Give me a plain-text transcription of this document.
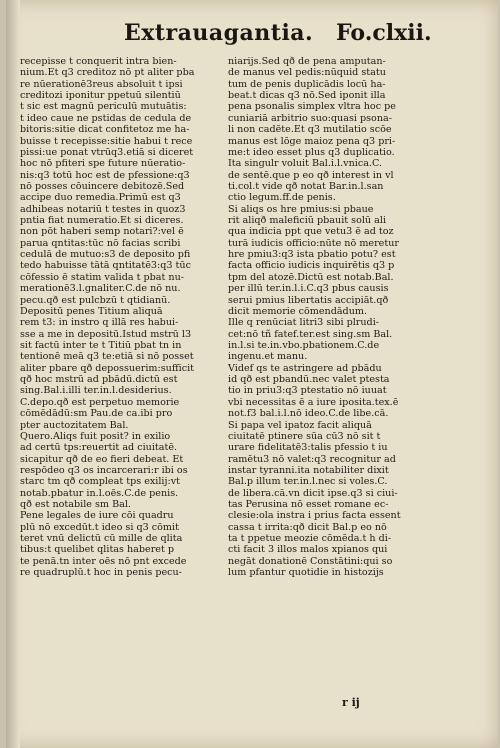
Extrauagantia. Fo.clxii.
recepisse t conquerit intra bien-
nium.Et q3 creditoz nō pt aliter pba
re nūerationē3reus absoluit t ipsi
creditozi iponitur ppetuū silentiū
t sic est magnū periculū mutuātis:
t ideo caue ne pstidas de cedula de
bitoris:sitie dicat confitetoz me ha-
buisse t recepisse:sitie habui t rece
pissi:ue ponat vtrūq3.etiā si diceret
hoc nō pfiteri spe future nūeratio-
nis:q3 totū hoc est de pfessione:q3
nō posses cōuincere debitozē.Sed
accipe duo remedia.Primū est q3
adhibeas notariū t testes in quoz3
pntia fiat numeratio.Et si diceres.
non pōt haberi semp notari?:vel ē
parua qntitas:tūc nō facias scribi
cedulā de mutuo:s3 de deposito pfi
tedo habuisse tātā qntitatē3:q3 tūc
cōfessio ē statim valida t pbat nu-
merationē3.l.gnaliter.C.de nō nu.
pecu.qð est pulcbzū t qtidianū.
Depositū penes Titium aliquā
rem t3: in instro q illā res habui-
sse a me in depositū.Istud mstrū l3
sit factū inter te t Titiū pbat tn in
tentionē meā q3 te:etiā si nō posset
aliter pbare qð depossuerim:sufficit
qð hoc mstrū ad pbādū.dictū est
sing.Bal.i.illi ter.in.l.desiderius.
C.depo.qð est perpetuo memorie
cōmēdādū:sm Pau.de ca.ibi pro
pter auctozitatem Bal.
Quero.Aliqs fuit posit? in exilio
ad certū tps:reuertit ad ciuitatē.
sicapitur qð de eo fieri debeat. Et
respōdeo q3 os incarcerari:r ibi os
starc tm qð compleat tps exilij:vt
notab.pbatur in.l.oēs.C.de penis.
qð est notabile sm Bal.
Pene legales de iure cōi quadru
plū nō excedūt.t ideo si q3 cōmit
teret vnū delictū cū mille de qlita
tibus:t quelibet qlitas haberet p
te penā.tn inter oēs nō pnt excede
re quadruplū.t hoc in penis pecu-
niarijs.Sed qð de pena amputan-
de manus vel pedis:nūquid statu
tum de penis duplicādis locū ha-
beat.t dicas q3 nō.Sed iponit illa
pena psonalis simplex vltra hoc pe
cuniariā arbitrio suo:quasi psona-
li non cadēte.Et q3 mutilatio scōe
manus est lōge maioz pena q3 pri-
me:t ideo esset plus q3 duplicatio.
Ita singulr voluit Bal.i.l.vnica.C.
de sentē.que p eo qð interest in vl
ti.col.t vide qð notat Bar.in.l.san
ctio legum.ff.de penis.
Si aliqs os hre pmius:si pbaue
rit aliqð maleficiū pbauit solū ali
qua indicia ppt que vetu3 ē ad toz
turā iudicis officio:nūte nō meretur
hre pmiu3:q3 ista pbatio potu? est
facta officio iudicis inquirētis q3 p
tpm del atozē.Dictū est notab.Bal.
per illū ter.in.l.i.C.q3 pbus causis
serui pmius libertatis accipiāt.qð
dicit memorie cōmendādum.
Ille q renūciat litri3 sibi plrudi-
cet:nō tñ fatef.ter.est sing.sm Bal.
in.l.si te.in.vbo.pbationem.C.de
ingenu.et manu.
Videf qs te astringere ad pbādu
id qð est pbandū.nec valet ptesta
tio in priu3:q3 ptestatio nō iuuat
vbi necessitas ē a iure iposita.tex.ē
not.f3 bal.i.l.nō ideo.C.de libe.cā.
Si papa vel ipatoz facit aliquā
ciuitatē ptinere sūa cū3 nō sit t
urare fidelitatē3:talis pfessio t iu
ramētu3 nō valet:q3 recognitur ad
instar tyranni.ita notabiliter dixit
Bal.p illum ter.in.l.nec si voles.C.
de libera.cā.vn dicit ipse.q3 si ciui-
tas Perusina nō esset romane ec-
clesie:ola instra i prius facta essent
cassa t irrita:qð dicit Bal.p eo nō
ta t ppetue meozie cōmēda.t h di-
cti facit 3 illos malos xpianos qui
negāt donationē Constātini:qui so
lum pfantur quotidie in histozijs
r ij
